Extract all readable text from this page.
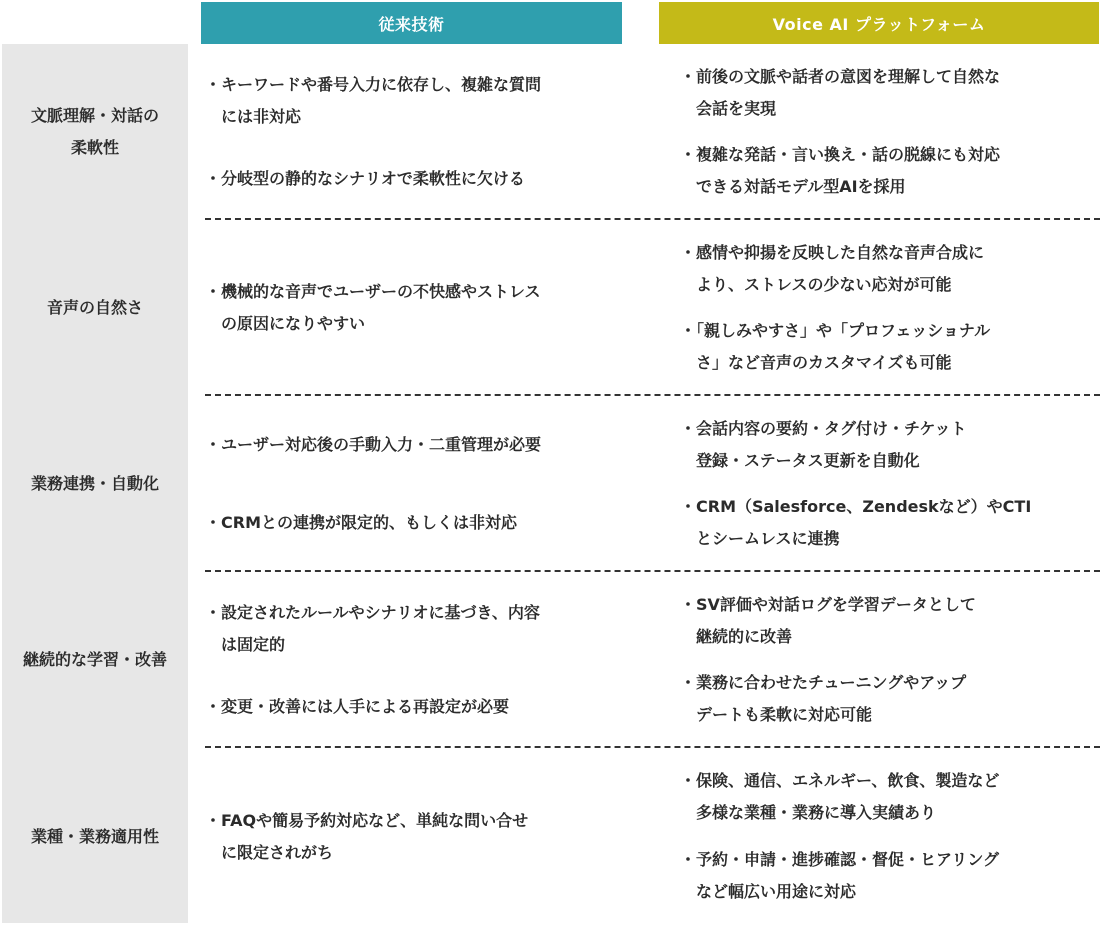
従来技術	Voice AI プラットフォーム
文脈理解・対話の
柔軟性
・キーワードや番号入力に依存し、複雑な質問
　には非対応
・分岐型の静的なシナリオで柔軟性に欠ける
・前後の文脈や話者の意図を理解して自然な
　会話を実現
・複雑な発話・言い換え・話の脱線にも対応
　できる対話モデル型AIを採用
音声の自然さ
・機械的な音声でユーザーの不快感やストレス
　の原因になりやすい
・感情や抑揚を反映した自然な音声合成に
　より、ストレスの少ない応対が可能
・「親しみやすさ」や「プロフェッショナル
　さ」など音声のカスタマイズも可能
業務連携・自動化
・ユーザー対応後の手動入力・二重管理が必要
・CRMとの連携が限定的、もしくは非対応
・会話内容の要約・タグ付け・チケット
　登録・ステータス更新を自動化
・CRM（Salesforce、Zendeskなど）やCTI
　とシームレスに連携
継続的な学習・改善
・設定されたルールやシナリオに基づき、内容
　は固定的
・変更・改善には人手による再設定が必要
・SV評価や対話ログを学習データとして
　継続的に改善
・業務に合わせたチューニングやアップ
　デートも柔軟に対応可能
業種・業務適用性
・FAQや簡易予約対応など、単純な問い合せ
　に限定されがち
・保険、通信、エネルギー、飲食、製造など
　多様な業種・業務に導入実績あり
・予約・申請・進捗確認・督促・ヒアリング
　など幅広い用途に対応
